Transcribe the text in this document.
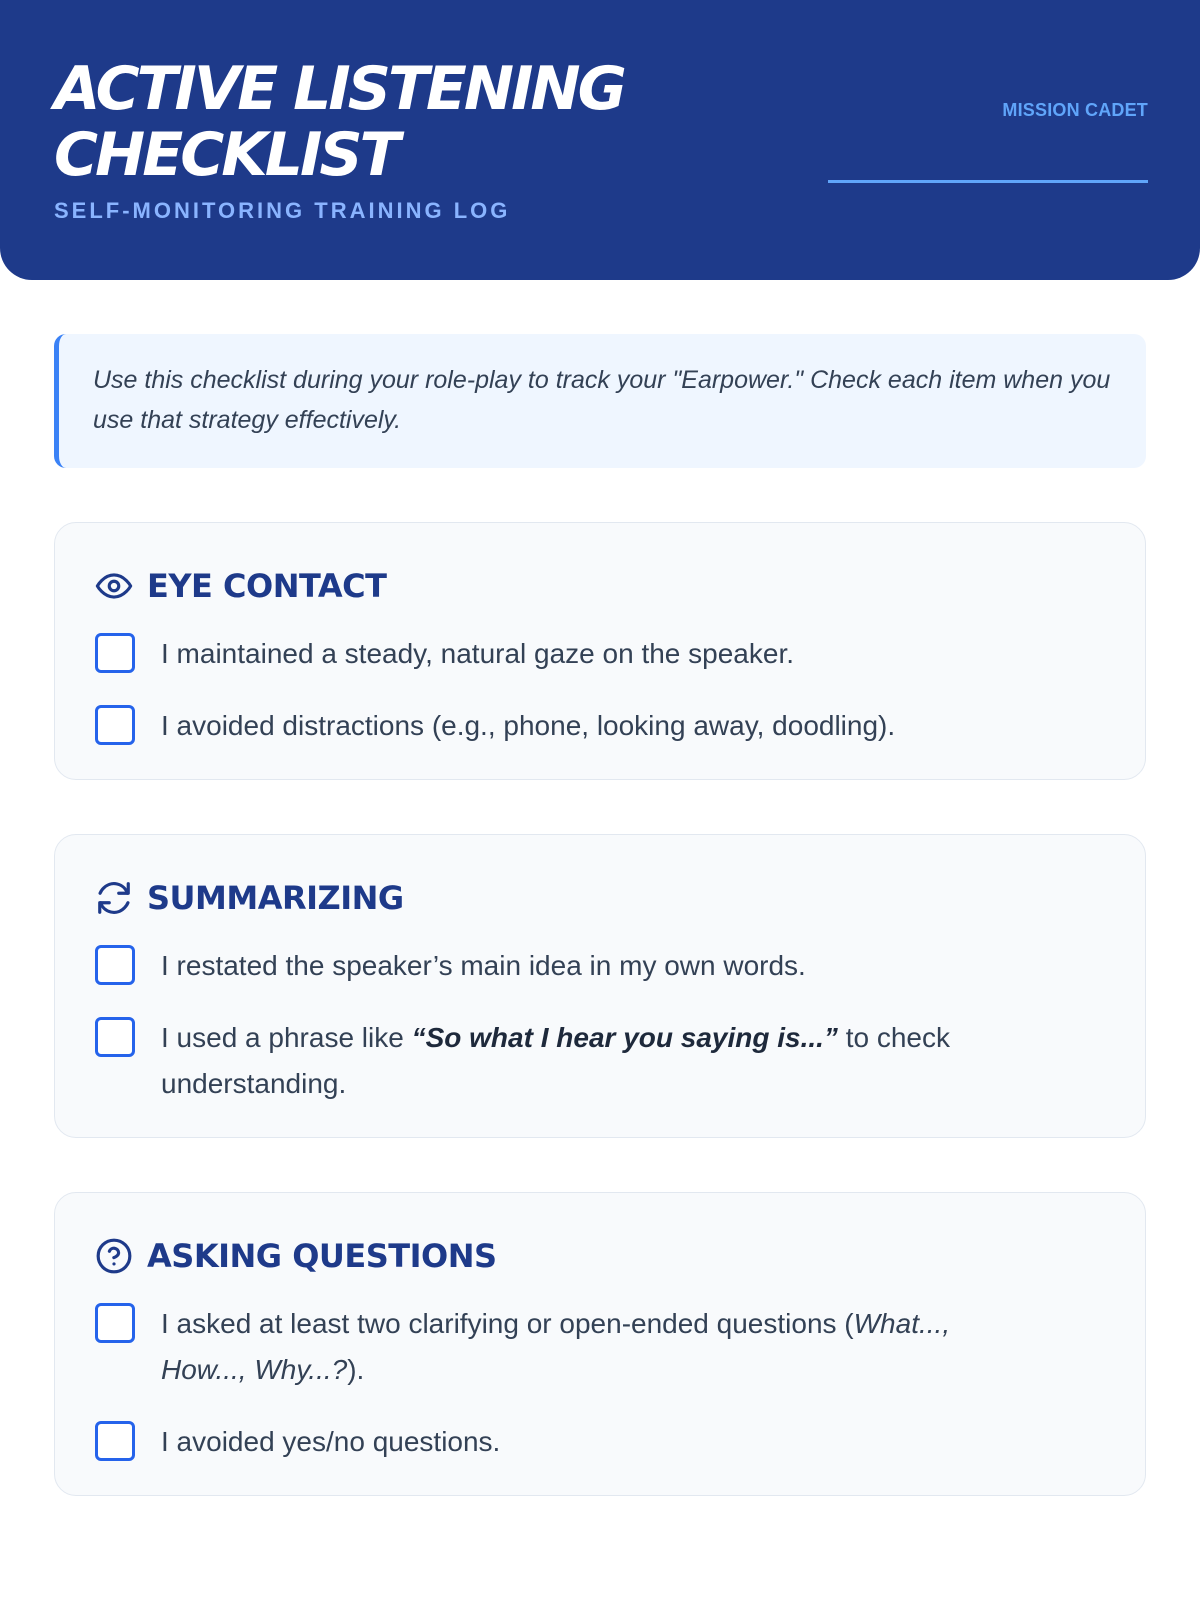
ACTIVE LISTENING CHECKLIST
SELF-MONITORING TRAINING LOG
MISSION CADET
Use this checklist during your role-play to track your "Earpower." Check each item when you use that strategy effectively.
EYE CONTACT
I maintained a steady, natural gaze on the speaker.
I avoided distractions (e.g., phone, looking away, doodling).
SUMMARIZING
I restated the speaker’s main idea in my own words.
I used a phrase like “So what I hear you saying is...” to check understanding.
ASKING QUESTIONS
I asked at least two clarifying or open-ended questions (What..., How..., Why...?).
I avoided yes/no questions.
